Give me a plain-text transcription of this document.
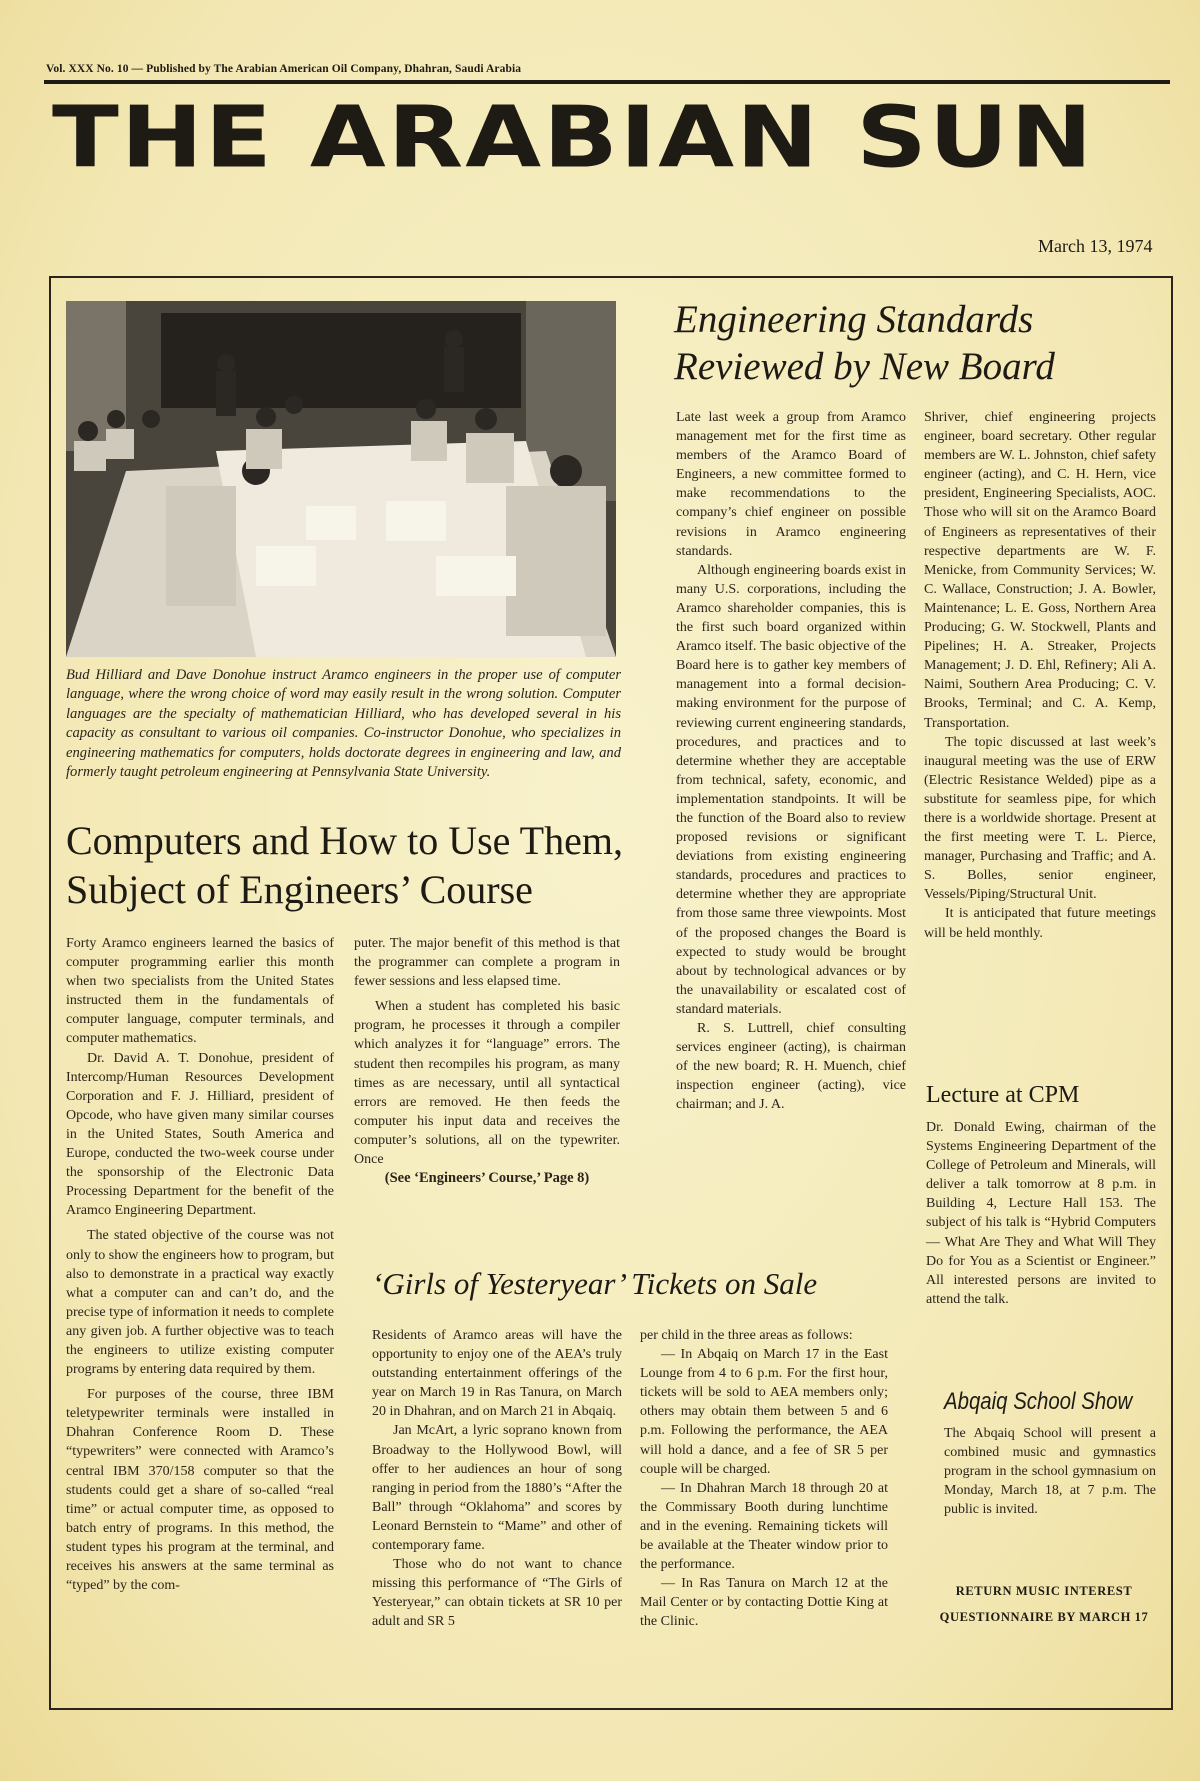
Vol. XXX No. 10 — Published by The Arabian American Oil Company, Dhahran, Saudi Arabia
THE ARABIAN SUN
March 13, 1974
Bud Hilliard and Dave Donohue instruct Aramco engineers in the proper use of computer language, where the wrong choice of word may easily result in the wrong solution. Computer languages are the specialty of mathematician Hilliard, who has developed several in his capacity as consultant to various oil companies. Co-instructor Donohue, who specializes in engineering mathematics for computers, holds doctorate degrees in engineering and law, and formerly taught petroleum engineering at Pennsylvania State University.
Computers and How to Use Them,
Subject of Engineers’ Course

Forty Aramco engineers learned the basics of computer programming earlier this month when two specialists from the United States instructed them in the fundamentals of computer language, computer terminals, and computer mathematics.

Dr. David A. T. Donohue, president of Intercomp/Human Resources Development Corporation and F. J. Hilliard, president of Opcode, who have given many similar courses in the United States, South America and Europe, conducted the two-week course under the sponsorship of the Electronic Data Processing Department for the benefit of the Aramco Engineering Department.

The stated objective of the course was not only to show the engineers how to program, but also to demonstrate in a practical way exactly what a computer can and can’t do, and the precise type of information it needs to complete any given job. A further objective was to teach the engineers to utilize existing computer programs by entering data required by them.

For purposes of the course, three IBM teletypewriter terminals were installed in Dhahran Conference Room D. These “typewriters” were connected with Aramco’s central IBM 370/158 computer so that the students could get a share of so-called “real time” or actual computer time, as opposed to batch entry of programs. In this method, the student types his program at the terminal, and receives his answers at the same terminal as “typed” by the com-

puter. The major benefit of this method is that the programmer can complete a program in fewer sessions and less elapsed time.

When a student has completed his basic program, he processes it through a compiler which analyzes it for “language” errors. The student then recompiles his program, as many times as are necessary, until all syntactical errors are removed. He then feeds the computer his input data and receives the computer’s solutions, all on the typewriter. Once

(See ‘Engineers’ Course,’ Page 8)

Engineering Standards
Reviewed by New Board

Late last week a group from Aramco management met for the first time as members of the Aramco Board of Engineers, a new committee formed to make recommendations to the company’s chief engineer on possible revisions in Aramco engineering standards.

Although engineering boards exist in many U.S. corporations, including the Aramco shareholder companies, this is the first such board organized within Aramco itself. The basic objective of the Board here is to gather key members of management into a formal decision-making environment for the purpose of reviewing current engineering standards, procedures, and practices and to determine whether they are acceptable from technical, safety, economic, and implementation standpoints. It will be the function of the Board also to review proposed revisions or significant deviations from existing engineering standards, procedures and practices to determine whether they are appropriate from those same three viewpoints. Most of the proposed changes the Board is expected to study would be brought about by technological advances or by the unavailability or escalated cost of standard materials.

R. S. Luttrell, chief consulting services engineer (acting), is chairman of the new board; R. H. Muench, chief inspection engineer (acting), vice chairman; and J. A.

Shriver, chief engineering projects engineer, board secretary. Other regular members are W. L. Johnston, chief safety engineer (acting), and C. H. Hern, vice president, Engineering Specialists, AOC. Those who will sit on the Aramco Board of Engineers as representatives of their respective departments are W. F. Menicke, from Community Services; W. C. Wallace, Construction; J. A. Bowler, Maintenance; L. E. Goss, Northern Area Producing; G. W. Stockwell, Plants and Pipelines; H. A. Streaker, Projects Management; J. D. Ehl, Refinery; Ali A. Naimi, Southern Area Producing; C. V. Brooks, Terminal; and C. A. Kemp, Transportation.

The topic discussed at last week’s inaugural meeting was the use of ERW (Electric Resistance Welded) pipe as a substitute for seamless pipe, for which there is a worldwide shortage. Present at the first meeting were T. L. Pierce, manager, Purchasing and Traffic; and A. S. Bolles, senior engineer, Vessels/Piping/Structural Unit.

It is anticipated that future meetings will be held monthly.

Lecture at CPM

Dr. Donald Ewing, chairman of the Systems Engineering Department of the College of Petroleum and Minerals, will deliver a talk tomorrow at 8 p.m. in Building 4, Lecture Hall 153. The subject of his talk is “Hybrid Computers — What Are They and What Will They Do for You as a Scientist or Engineer.” All interested persons are invited to attend the talk.

‘Girls of Yesteryear’ Tickets on Sale

Residents of Aramco areas will have the opportunity to enjoy one of the AEA’s truly outstanding entertainment offerings of the year on March 19 in Ras Tanura, on March 20 in Dhahran, and on March 21 in Abqaiq.

Jan McArt, a lyric soprano known from Broadway to the Hollywood Bowl, will offer to her audiences an hour of song ranging in period from the 1880’s “After the Ball” through “Oklahoma” and scores by Leonard Bernstein to “Mame” and other of contemporary fame.

Those who do not want to chance missing this performance of “The Girls of Yesteryear,” can obtain tickets at SR 10 per adult and SR 5

per child in the three areas as follows:

— In Abqaiq on March 17 in the East Lounge from 4 to 6 p.m. For the first hour, tickets will be sold to AEA members only; others may obtain them between 5 and 6 p.m. Following the performance, the AEA will hold a dance, and a fee of SR 5 per couple will be charged.

— In Dhahran March 18 through 20 at the Commissary Booth during lunchtime and in the evening. Remaining tickets will be available at the Theater window prior to the performance.

— In Ras Tanura on March 12 at the Mail Center or by contacting Dottie King at the Clinic.

Abqaiq School Show

The Abqaiq School will present a combined music and gymnastics program in the school gymnasium on Monday, March 18, at 7 p.m. The public is invited.

RETURN MUSIC INTEREST
QUESTIONNAIRE BY MARCH 17
